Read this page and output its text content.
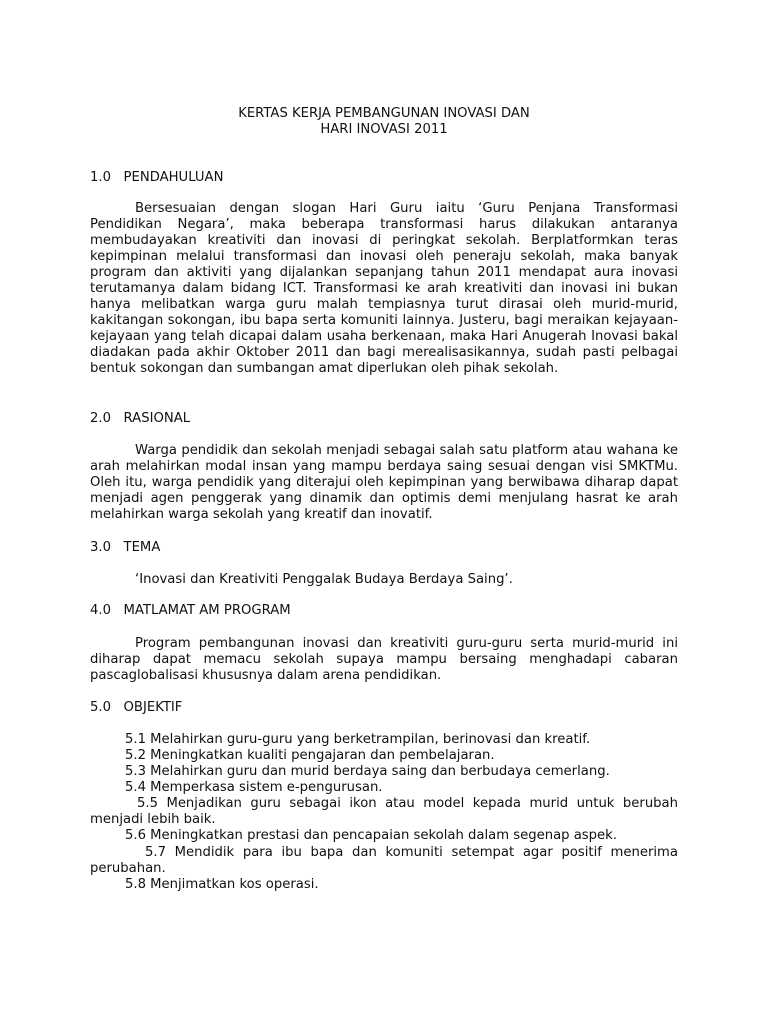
KERTAS KERJA PEMBANGUNAN INOVASI DAN
HARI INOVASI 2011
1.0   PENDAHULUAN

Bersesuaian dengan slogan Hari Guru iaitu ‘Guru Penjana Transformasi Pendidikan Negara’, maka beberapa transformasi harus dilakukan antaranya membudayakan kreativiti dan inovasi di peringkat sekolah. Berplatformkan teras kepimpinan melalui transformasi dan inovasi oleh peneraju sekolah, maka banyak program dan aktiviti yang dijalankan sepanjang tahun 2011 mendapat aura inovasi terutamanya dalam bidang ICT. Transformasi ke arah kreativiti dan inovasi ini bukan hanya melibatkan warga guru malah tempiasnya turut dirasai oleh murid-murid, kakitangan sokongan, ibu bapa serta komuniti lainnya. Justeru, bagi meraikan kejayaan-kejayaan yang telah dicapai dalam usaha berkenaan, maka Hari Anugerah Inovasi bakal diadakan pada akhir Oktober 2011 dan bagi merealisasikannya, sudah pasti pelbagai bentuk sokongan dan sumbangan amat diperlukan oleh pihak sekolah.

2.0   RASIONAL

Warga pendidik dan sekolah menjadi sebagai salah satu platform atau wahana ke arah melahirkan modal insan yang mampu berdaya saing sesuai dengan visi SMKTMu. Oleh itu, warga pendidik yang diterajui oleh kepimpinan yang berwibawa diharap dapat menjadi agen penggerak yang dinamik dan optimis demi menjulang hasrat ke arah melahirkan warga sekolah yang kreatif dan inovatif.

3.0   TEMA
‘Inovasi dan Kreativiti Penggalak Budaya Berdaya Saing’.
4.0   MATLAMAT AM PROGRAM

Program pembangunan inovasi dan kreativiti guru-guru serta murid-murid ini diharap dapat memacu sekolah supaya mampu bersaing menghadapi cabaran pascaglobalisasi khususnya dalam arena pendidikan.

5.0   OBJEKTIF

5.1 Melahirkan guru-guru yang berketrampilan, berinovasi dan kreatif.

5.2 Meningkatkan kualiti pengajaran dan pembelajaran.

5.3 Melahirkan guru dan murid berdaya saing dan berbudaya cemerlang.

5.4 Memperkasa sistem e-pengurusan.

5.5 Menjadikan guru sebagai ikon atau model kepada murid untuk berubah menjadi lebih baik.

5.6 Meningkatkan prestasi dan pencapaian sekolah dalam segenap aspek.

5.7 Mendidik para ibu bapa dan komuniti setempat agar positif menerima perubahan.

5.8 Menjimatkan kos operasi.
